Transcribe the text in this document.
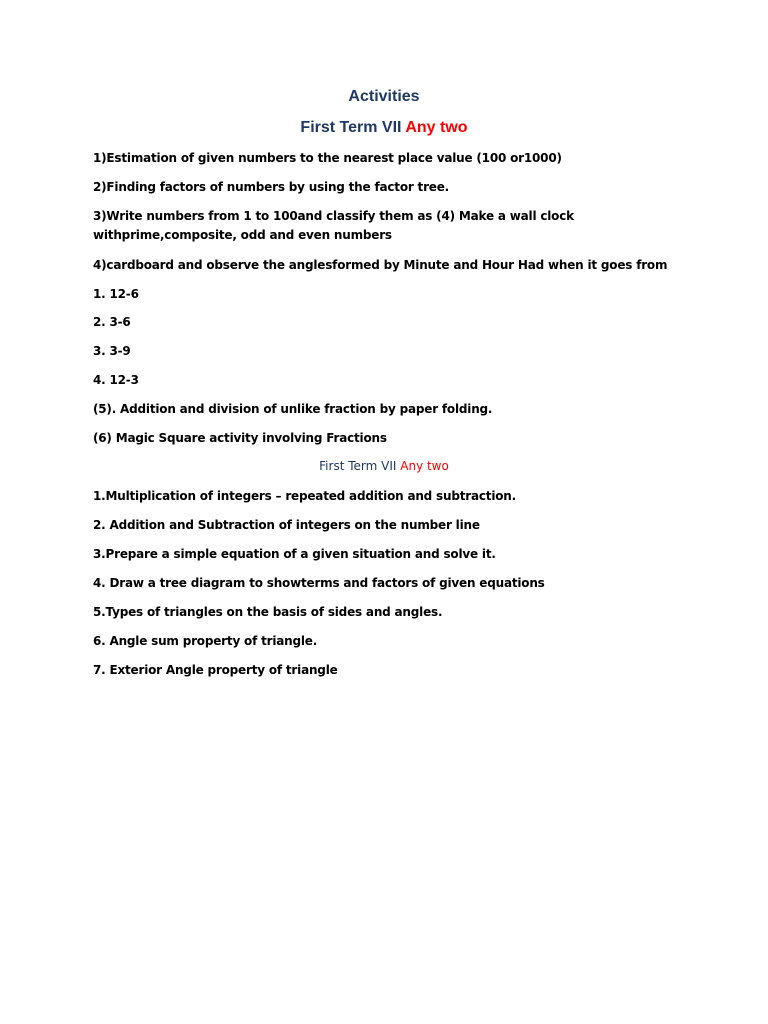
Activities
First Term VII Any two
1)Estimation of given numbers to the nearest place value (100 or1000)
2)Finding factors of numbers by using the factor tree.
3)Write numbers from 1 to 100and classify them as (4) Make a wall clock
withprime,composite, odd and even numbers
4)cardboard and observe the anglesformed by Minute and Hour Had when it goes from
1. 12-6
2. 3-6
3. 3-9
4. 12-3
(5). Addition and division of unlike fraction by paper folding.
(6) Magic Square activity involving Fractions
First Term VII Any two
1.Multiplication of integers – repeated addition and subtraction.
2. Addition and Subtraction of integers on the number line
3.Prepare a simple equation of a given situation and solve it.
4. Draw a tree diagram to showterms and factors of given equations
5.Types of triangles on the basis of sides and angles.
6. Angle sum property of triangle.
7. Exterior Angle property of triangle
